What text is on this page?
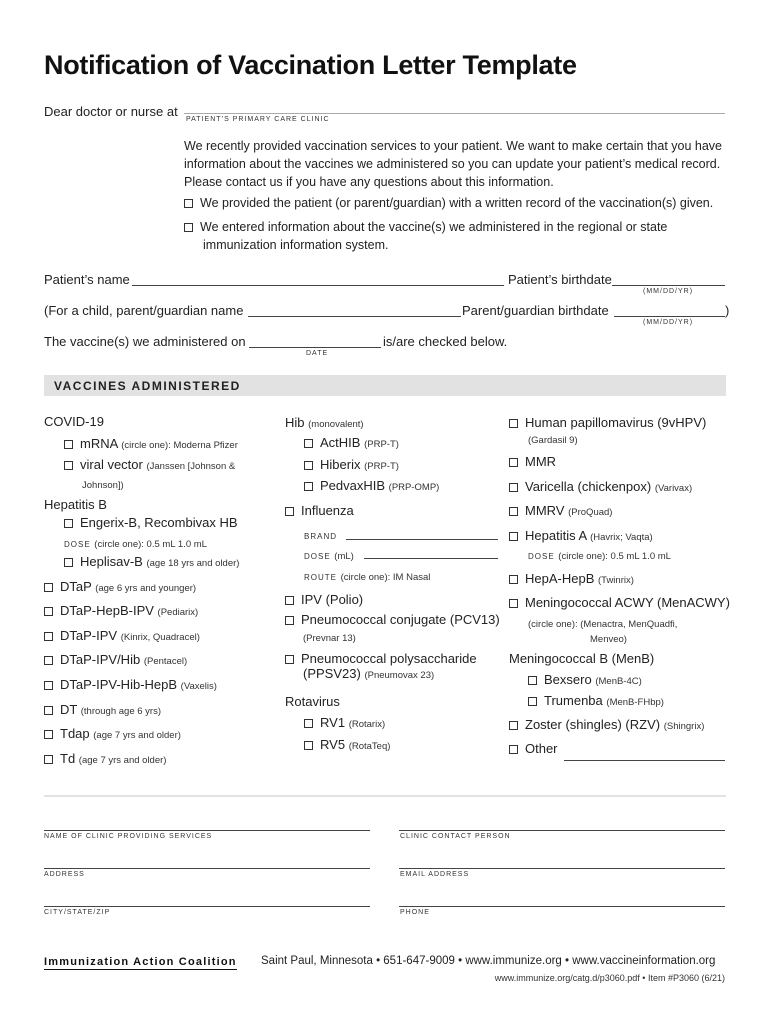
Notification of Vaccination Letter Template
Dear doctor or nurse at
PATIENT’S PRIMARY CARE CLINIC
We recently provided vaccination services to your patient. We want to make certain that you have information about the vaccines we administered so you can update your patient’s medical record. Please contact us if you have any questions about this information.
We provided the patient (or parent/guardian) with a written record of the vaccination(s) given.
We entered information about the vaccine(s) we administered in the regional or state
immunization information system.
Patient’s name	Patient’s birthdate
(MM/DD/YR)
(For a child, parent/guardian name	Parent/guardian birthdate	)
(MM/DD/YR)
The vaccine(s) we administered on	is/are checked below.
DATE
VACCINES ADMINISTERED
COVID-19
mRNA (circle one): Moderna Pfizer
viral vector (Janssen [Johnson &
Johnson])
Hepatitis B
Engerix-B, Recombivax HB
DOSE (circle one): 0.5 mL 1.0 mL
Heplisav-B (age 18 yrs and older)
DTaP (age 6 yrs and younger)
DTaP-HepB-IPV (Pediarix)
DTaP-IPV (Kinrix, Quadracel)
DTaP-IPV/Hib (Pentacel)
DTaP-IPV-Hib-HepB (Vaxelis)
DT (through age 6 yrs)
Tdap (age 7 yrs and older)
Td (age 7 yrs and older)
Hib (monovalent)
ActHIB (PRP-T)
Hiberix (PRP-T)
PedvaxHIB (PRP-OMP)
Influenza
BRAND
DOSE (mL)
ROUTE (circle one): IM Nasal
IPV (Polio)
Pneumococcal conjugate (PCV13)
(Prevnar 13)
Pneumococcal polysaccharide
(PPSV23) (Pneumovax 23)
Rotavirus
RV1 (Rotarix)
RV5 (RotaTeq)
Human papillomavirus (9vHPV)
(Gardasil 9)
MMR
Varicella (chickenpox) (Varivax)
MMRV (ProQuad)
Hepatitis A (Havrix; Vaqta)
DOSE (circle one): 0.5 mL 1.0 mL
HepA-HepB (Twinrix)
Meningococcal ACWY (MenACWY)
(circle one): (Menactra, MenQuadfi,
Menveo)
Meningococcal B (MenB)
Bexsero (MenB-4C)
Trumenba (MenB-FHbp)
Zoster (shingles) (RZV) (Shingrix)
Other
NAME OF CLINIC PROVIDING SERVICES	CLINIC CONTACT PERSON
ADDRESS	EMAIL ADDRESS
CITY/STATE/ZIP	PHONE
Immunization Action Coalition Saint Paul, Minnesota • 651-647-9009 • www.immunize.org • www.vaccineinformation.org
www.immunize.org/catg.d/p3060.pdf • Item #P3060 (6/21)
